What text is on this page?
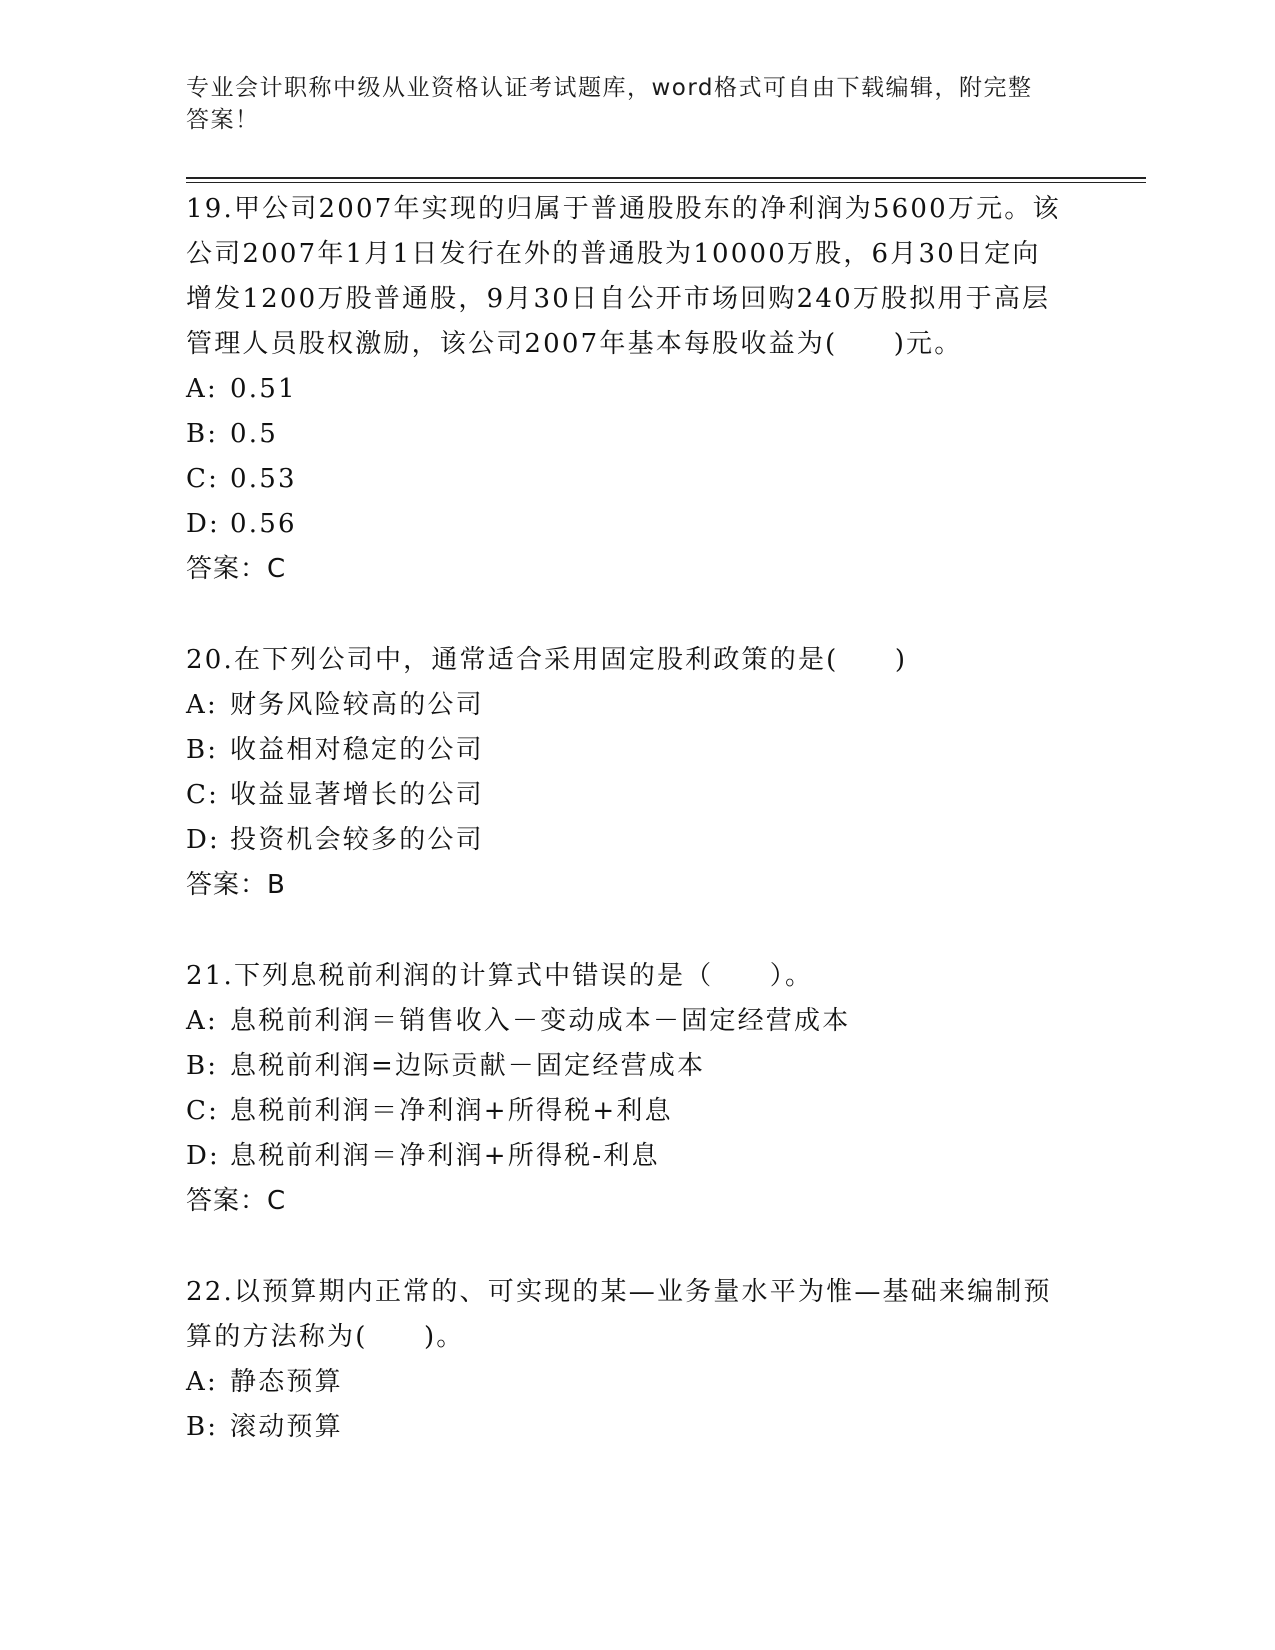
专业会计职称中级从业资格认证考试题库，word格式可自由下载编辑，附完整答案！
19.甲公司2007年实现的归属于普通股股东的净利润为5600万元。该公司2007年1月1日发行在外的普通股为10000万股，6月30日定向增发1200万股普通股，9月30日自公开市场回购240万股拟用于高层管理人员股权激励，该公司2007年基本每股收益为(　　)元。
A: 0.51
B: 0.5
C: 0.53
D: 0.56
答案：C
20.在下列公司中，通常适合采用固定股利政策的是(　　)
A: 财务风险较高的公司
B: 收益相对稳定的公司
C: 收益显著增长的公司
D: 投资机会较多的公司
答案：B
21.下列息税前利润的计算式中错误的是（　　）。
A: 息税前利润＝销售收入－变动成本－固定经营成本
B: 息税前利润=边际贡献－固定经营成本
C: 息税前利润＝净利润+所得税+利息
D: 息税前利润＝净利润+所得税-利息
答案：C
22.以预算期内正常的、可实现的某—业务量水平为惟—基础来编制预算的方法称为(　　)。
A: 静态预算
B: 滚动预算
